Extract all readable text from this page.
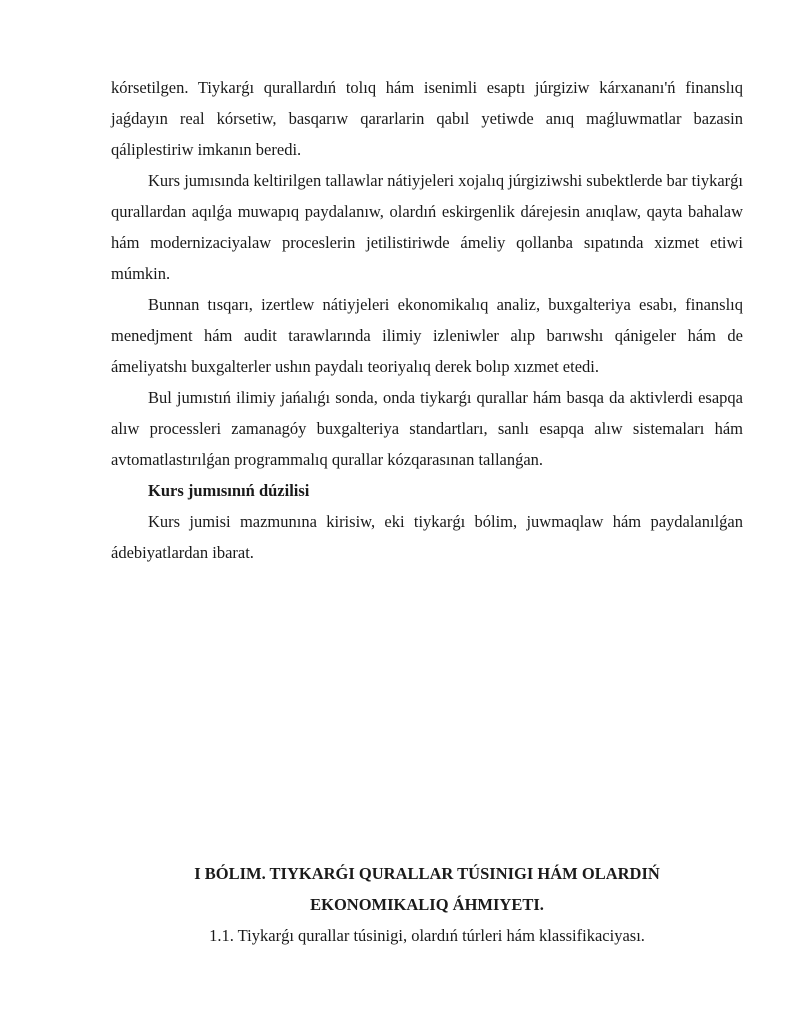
kórsetilgen. Tiykarǵı qurallardıń tolıq hám isenimli esaptı júrgiziw kárxananı'ń finanslıq jaǵdayın real kórsetiw, basqarıw qararlarin qabıl yetiwde anıq maǵluwmatlar bazasin qáliplestiriw imkanın beredi.

Kurs jumısında keltirilgen tallawlar nátiyjeleri xojalıq júrgiziwshi subektlerde bar tiykarǵı qurallardan aqılǵa muwapıq paydalanıw, olardıń eskirgenlik dárejesin anıqlaw, qayta bahalaw hám modernizaciyalaw proceslerin jetilistiriwde ámeliy qollanba sıpatında xizmet etiwi múmkin.

Bunnan tısqarı, izertlew nátiyjeleri ekonomikalıq analiz, buxgalteriya esabı, finanslıq menedjment hám audit tarawlarında ilimiy izleniwler alıp barıwshı qánigeler hám de ámeliyatshı buxgalterler ushın paydalı teoriyalıq derek bolıp xızmet etedi.

Bul jumıstıń ilimiy jańalıǵı sonda, onda tiykarǵı qurallar hám basqa da aktivlerdi esapqa alıw processleri zamanagóy buxgalteriya standartları, sanlı esapqa alıw sistemaları hám avtomatlastırılǵan programmalıq qurallar kózqarasınan tallanǵan.

Kurs jumısınıń dúzilisi

Kurs jumisi mazmunına kirisiw, eki tiykarǵı bólim, juwmaqlaw hám paydalanılǵan ádebiyatlardan ibarat.

I BÓLIM. TIYKARǴI QURALLAR TÚSINIGI HÁM OLARDIŃ

EKONOMIKALIQ ÁHMIYETI.

1.1. Tiykarǵı qurallar túsinigi, olardıń túrleri hám klassifikaciyası.
